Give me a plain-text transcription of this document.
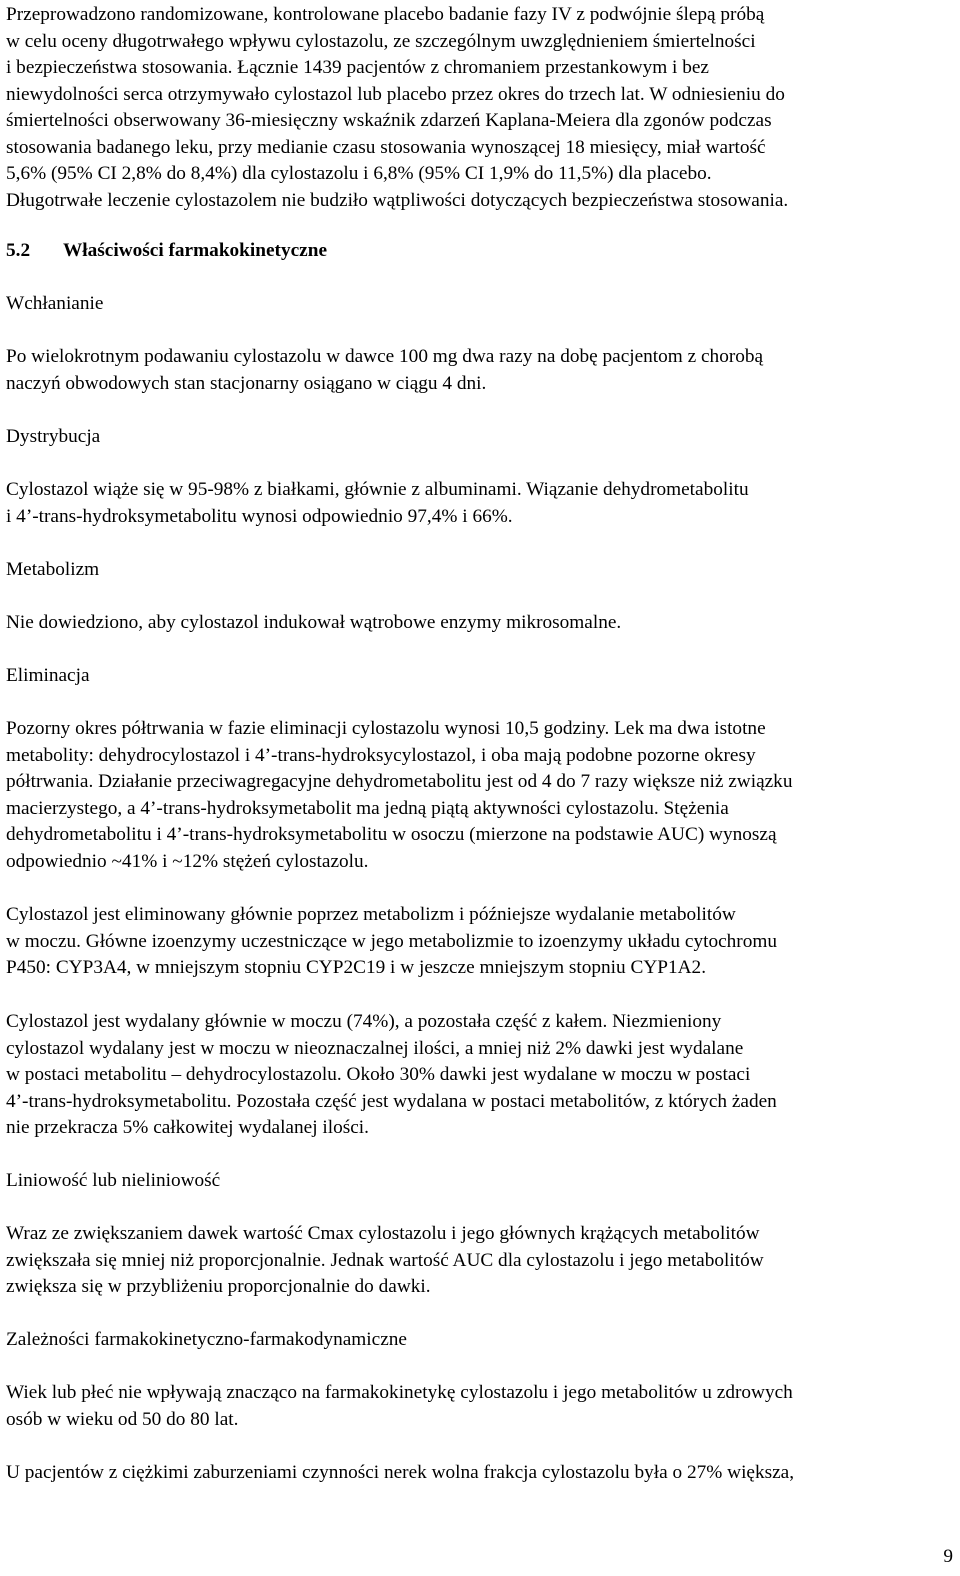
Przeprowadzono randomizowane, kontrolowane placebo badanie fazy IV z podwójnie ślepą próbą
w celu oceny długotrwałego wpływu cylostazolu, ze szczególnym uwzględnieniem śmiertelności
i bezpieczeństwa stosowania. Łącznie 1439 pacjentów z chromaniem przestankowym i bez
niewydolności serca otrzymywało cylostazol lub placebo przez okres do trzech lat. W odniesieniu do
śmiertelności obserwowany 36-miesięczny wskaźnik zdarzeń Kaplana-Meiera dla zgonów podczas
stosowania badanego leku, przy medianie czasu stosowania wynoszącej 18 miesięcy, miał wartość
5,6% (95% CI 2,8% do 8,4%) dla cylostazolu i 6,8% (95% CI 1,9% do 11,5%) dla placebo.
Długotrwałe leczenie cylostazolem nie budziło wątpliwości dotyczących bezpieczeństwa stosowania.

5.2	Właściwości farmakokinetyczne

Wchłanianie

Po wielokrotnym podawaniu cylostazolu w dawce 100 mg dwa razy na dobę pacjentom z chorobą
naczyń obwodowych stan stacjonarny osiągano w ciągu 4 dni.

Dystrybucja

Cylostazol wiąże się w 95-98% z białkami, głównie z albuminami. Wiązanie dehydrometabolitu
i 4’-trans-hydroksymetabolitu wynosi odpowiednio 97,4% i 66%.

Metabolizm

Nie dowiedziono, aby cylostazol indukował wątrobowe enzymy mikrosomalne.

Eliminacja

Pozorny okres półtrwania w fazie eliminacji cylostazolu wynosi 10,5 godziny. Lek ma dwa istotne
metabolity: dehydrocylostazol i 4’-trans-hydroksycylostazol, i oba mają podobne pozorne okresy
półtrwania. Działanie przeciwagregacyjne dehydrometabolitu jest od 4 do 7 razy większe niż związku
macierzystego, a 4’-trans-hydroksymetabolit ma jedną piątą aktywności cylostazolu. Stężenia
dehydrometabolitu i 4’-trans-hydroksymetabolitu w osoczu (mierzone na podstawie AUC) wynoszą
odpowiednio ~41% i ~12% stężeń cylostazolu.

Cylostazol jest eliminowany głównie poprzez metabolizm i późniejsze wydalanie metabolitów
w moczu. Główne izoenzymy uczestniczące w jego metabolizmie to izoenzymy układu cytochromu
P450: CYP3A4, w mniejszym stopniu CYP2C19 i w jeszcze mniejszym stopniu CYP1A2.

Cylostazol jest wydalany głównie w moczu (74%), a pozostała część z kałem. Niezmieniony
cylostazol wydalany jest w moczu w nieoznaczalnej ilości, a mniej niż 2% dawki jest wydalane
w postaci metabolitu – dehydrocylostazolu. Około 30% dawki jest wydalane w moczu w postaci
4’-trans-hydroksymetabolitu. Pozostała część jest wydalana w postaci metabolitów, z których żaden
nie przekracza 5% całkowitej wydalanej ilości.

Liniowość lub nieliniowość

Wraz ze zwiększaniem dawek wartość Cmax cylostazolu i jego głównych krążących metabolitów
zwiększała się mniej niż proporcjonalnie. Jednak wartość AUC dla cylostazolu i jego metabolitów
zwiększa się w przybliżeniu proporcjonalnie do dawki.

Zależności farmakokinetyczno-farmakodynamiczne

Wiek lub płeć nie wpływają znacząco na farmakokinetykę cylostazolu i jego metabolitów u zdrowych
osób w wieku od 50 do 80 lat.

U pacjentów z ciężkimi zaburzeniami czynności nerek wolna frakcja cylostazolu była o 27% większa,

9
